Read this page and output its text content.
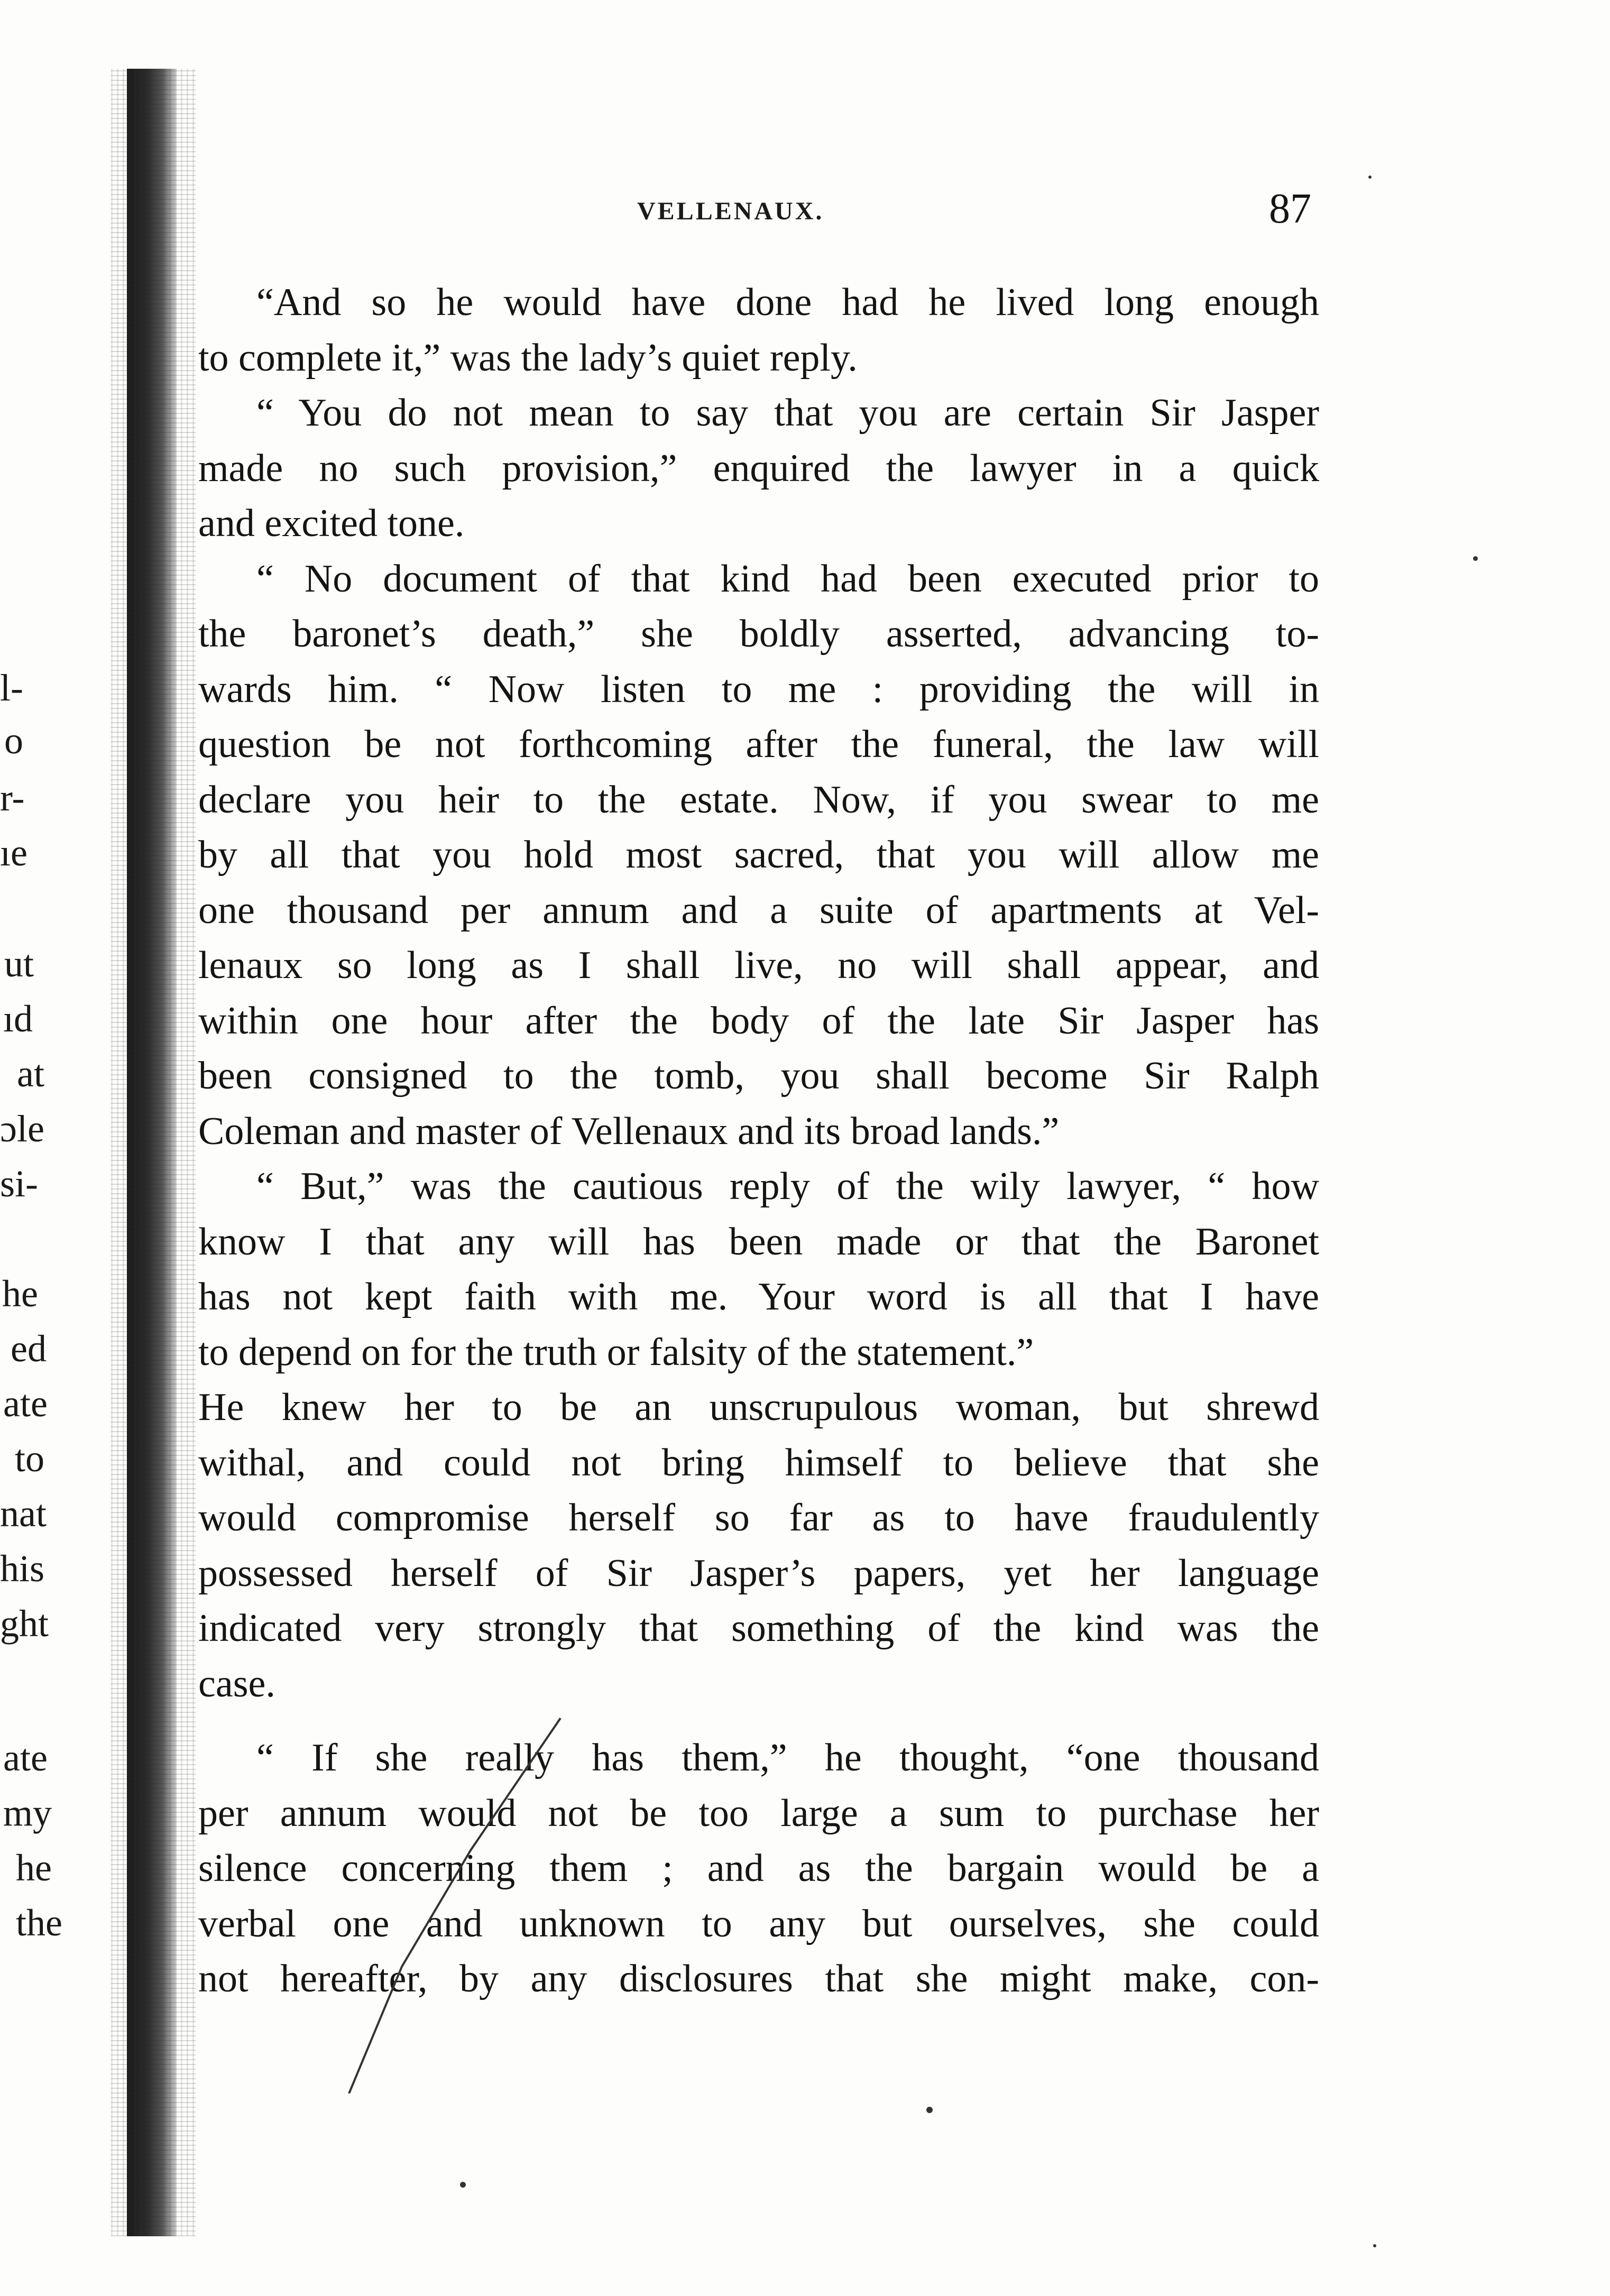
l-
o
r-
ıe
ut
ıd
at
ɔle
si-
he
ed
ate
to
nat
his
ght
ate
my
he
the
VELLENAUX.	87
“And so he would have done had he lived long enough
to complete it,” was the lady’s quiet reply.
“ You do not mean to say that you are certain Sir Jasper
made no such provision,” enquired the lawyer in a quick
and excited tone.
“ No document of that kind had been executed prior to
the baronet’s death,” she boldly asserted, advancing to-
wards him. “ Now listen to me : providing the will in
question be not forthcoming after the funeral, the law will
declare you heir to the estate. Now, if you swear to me
by all that you hold most sacred, that you will allow me
one thousand per annum and a suite of apartments at Vel-
lenaux so long as I shall live, no will shall appear, and
within one hour after the body of the late Sir Jasper has
been consigned to the tomb, you shall become Sir Ralph
Coleman and master of Vellenaux and its broad lands.”
“ But,” was the cautious reply of the wily lawyer, “ how
know I that any will has been made or that the Baronet
has not kept faith with me. Your word is all that I have
to depend on for the truth or falsity of the statement.”
He knew her to be an unscrupulous woman, but shrewd
withal, and could not bring himself to believe that she
would compromise herself so far as to have fraudulently
possessed herself of Sir Jasper’s papers, yet her language
indicated very strongly that something of the kind was the
case.
“ If she really has them,” he thought, “one thousand
per annum would not be too large a sum to purchase her
silence concerning them ; and as the bargain would be a
verbal one and unknown to any but ourselves, she could
not hereafter, by any disclosures that she might make, con-
